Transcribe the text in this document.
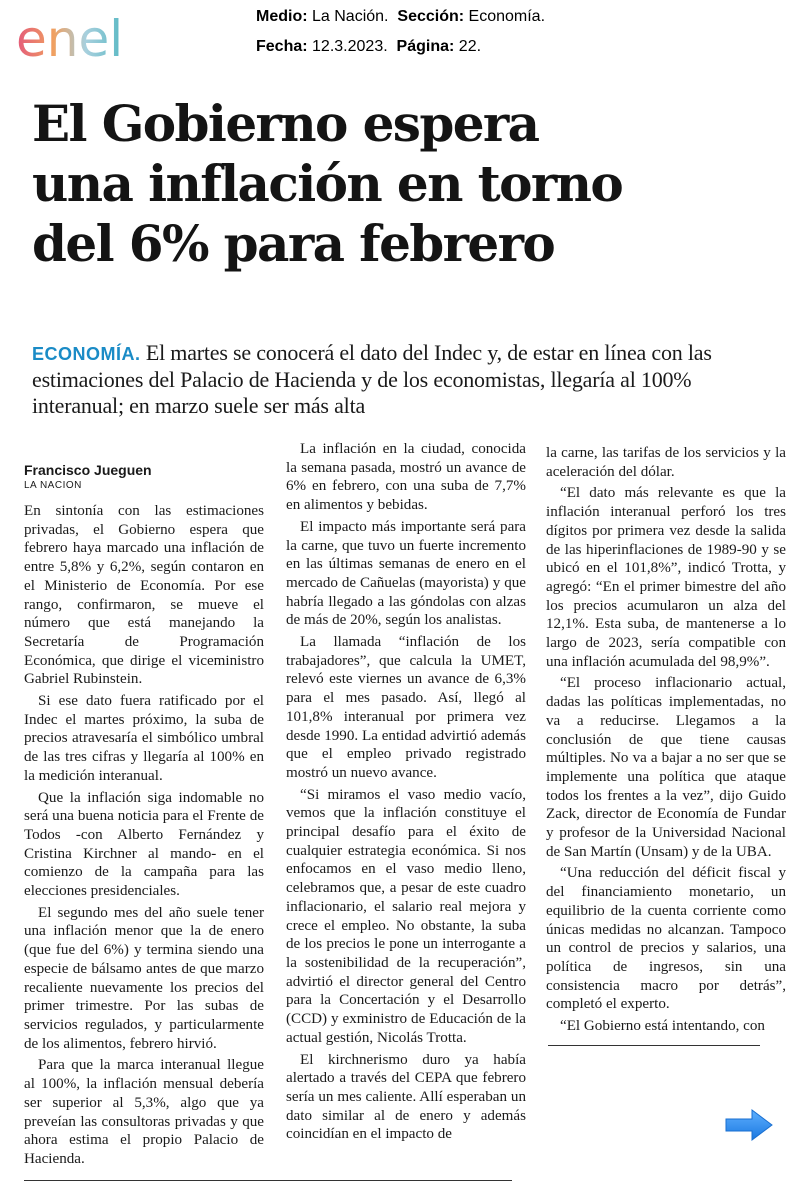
enel	Medio: La Nación. Sección: Economía.
Fecha: 12.3.2023. Página: 22.
El Gobierno espera
una inflación en torno
del 6% para febrero

ECONOMÍA. El martes se conocerá el dato del Indec y, de estar en línea con las estimaciones del Palacio de Hacienda y de los economistas, llegaría al 100% interanual; en marzo suele ser más alta

Francisco Jueguen
LA NACION

En sintonía con las estimaciones privadas, el Gobierno espera que febrero haya marcado una inflación de entre 5,8% y 6,2%, según contaron en el Ministerio de Economía. Por ese rango, confirmaron, se mueve el número que está manejando la Secretaría de Programación Económica, que dirige el viceministro Gabriel Rubinstein.

Si ese dato fuera ratificado por el Indec el martes próximo, la suba de precios atravesaría el simbólico umbral de las tres cifras y llegaría al 100% en la medición interanual.

Que la inflación siga indomable no será una buena noticia para el Frente de Todos -con Alberto Fernández y Cristina Kirchner al mando- en el comienzo de la campaña para las elecciones presidenciales.

El segundo mes del año suele tener una inflación menor que la de enero (que fue del 6%) y termina siendo una especie de bálsamo antes de que marzo recaliente nuevamente los precios del primer trimestre. Por las subas de servicios regulados, y particularmente de los alimentos, febrero hirvió.

Para que la marca interanual llegue al 100%, la inflación mensual debería ser superior al 5,3%, algo que ya preveían las consultoras privadas y que ahora estima el propio Palacio de Hacienda.

La inflación en la ciudad, conocida la semana pasada, mostró un avance de 6% en febrero, con una suba de 7,7% en alimentos y bebidas.

El impacto más importante será para la carne, que tuvo un fuerte incremento en las últimas semanas de enero en el mercado de Cañuelas (mayorista) y que habría llegado a las góndolas con alzas de más de 20%, según los analistas.

La llamada “inflación de los trabajadores”, que calcula la UMET, relevó este viernes un avance de 6,3% para el mes pasado. Así, llegó al 101,8% interanual por primera vez desde 1990. La entidad advirtió además que el empleo privado registrado mostró un nuevo avance.

“Si miramos el vaso medio vacío, vemos que la inflación constituye el principal desafío para el éxito de cualquier estrategia económica. Si nos enfocamos en el vaso medio lleno, celebramos que, a pesar de este cuadro inflacionario, el salario real mejora y crece el empleo. No obstante, la suba de los precios le pone un interrogante a la sostenibilidad de la recuperación”, advirtió el director general del Centro para la Concertación y el Desarrollo (CCD) y exministro de Educación de la actual gestión, Nicolás Trotta.

El kirchnerismo duro ya había alertado a través del CEPA que febrero sería un mes caliente. Allí esperaban un dato similar al de enero y además coincidían en el impacto de

la carne, las tarifas de los servicios y la aceleración del dólar.

“El dato más relevante es que la inflación interanual perforó los tres dígitos por primera vez desde la salida de las hiperinflaciones de 1989-90 y se ubicó en el 101,8%”, indicó Trotta, y agregó: “En el primer bimestre del año los precios acumularon un alza del 12,1%. Esta suba, de mantenerse a lo largo de 2023, sería compatible con una inflación acumulada del 98,9%”.

“El proceso inflacionario actual, dadas las políticas implementadas, no va a reducirse. Llegamos a la conclusión de que tiene causas múltiples. No va a bajar a no ser que se implemente una política que ataque todos los frentes a la vez”, dijo Guido Zack, director de Economía de Fundar y profesor de la Universidad Nacional de San Martín (Unsam) y de la UBA.

“Una reducción del déficit fiscal y del financiamiento monetario, un equilibrio de la cuenta corriente como únicas medidas no alcanzan. Tampoco un control de precios y salarios, una política de ingresos, sin una consistencia macro por detrás”, completó el experto.

“El Gobierno está intentando, con
